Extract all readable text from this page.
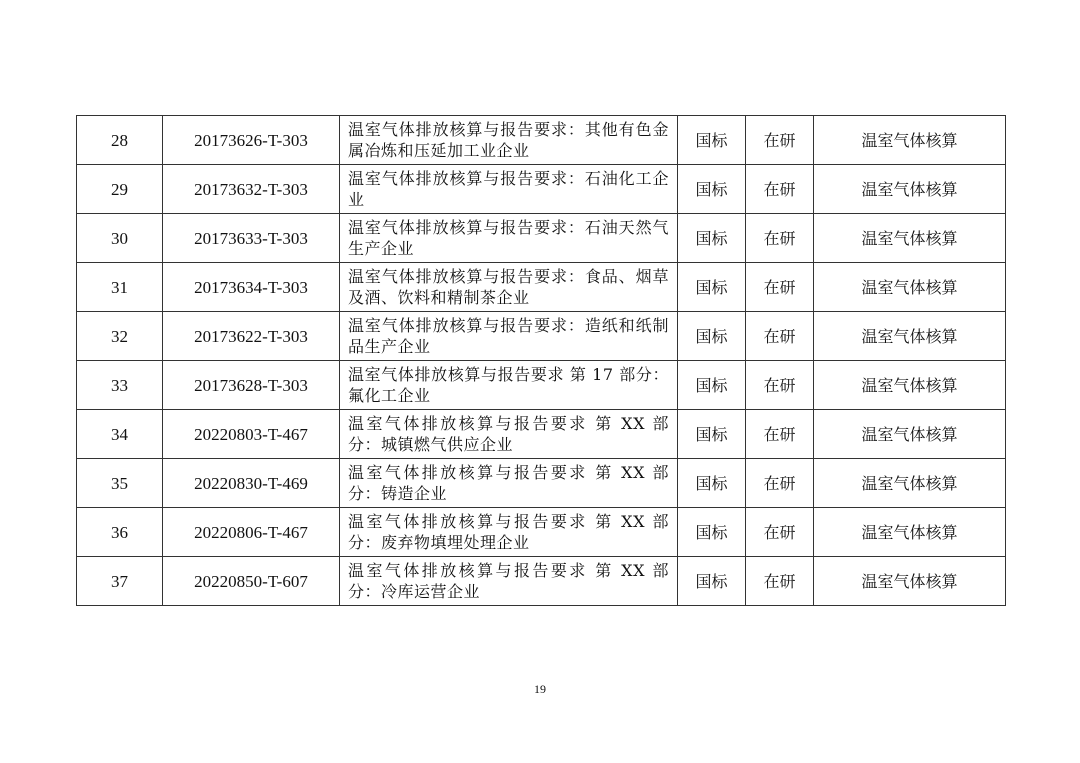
28	20173626-T-303	温室气体排放核算与报告要求：其他有色金属冶炼和压延加工业企业	国标	在研	温室气体核算
29	20173632-T-303	温室气体排放核算与报告要求：石油化工企业	国标	在研	温室气体核算
30	20173633-T-303	温室气体排放核算与报告要求：石油天然气生产企业	国标	在研	温室气体核算
31	20173634-T-303	温室气体排放核算与报告要求：食品、烟草及酒、饮料和精制茶企业	国标	在研	温室气体核算
32	20173622-T-303	温室气体排放核算与报告要求：造纸和纸制品生产企业	国标	在研	温室气体核算
33	20173628-T-303	温室气体排放核算与报告要求 第 17 部分：氟化工企业	国标	在研	温室气体核算
34	20220803-T-467	温室气体排放核算与报告要求 第 XX 部分：城镇燃气供应企业	国标	在研	温室气体核算
35	20220830-T-469	温室气体排放核算与报告要求 第 XX 部分：铸造企业	国标	在研	温室气体核算
36	20220806-T-467	温室气体排放核算与报告要求 第 XX 部分：废弃物填埋处理企业	国标	在研	温室气体核算
37	20220850-T-607	温室气体排放核算与报告要求 第 XX 部分：冷库运营企业	国标	在研	温室气体核算
19
